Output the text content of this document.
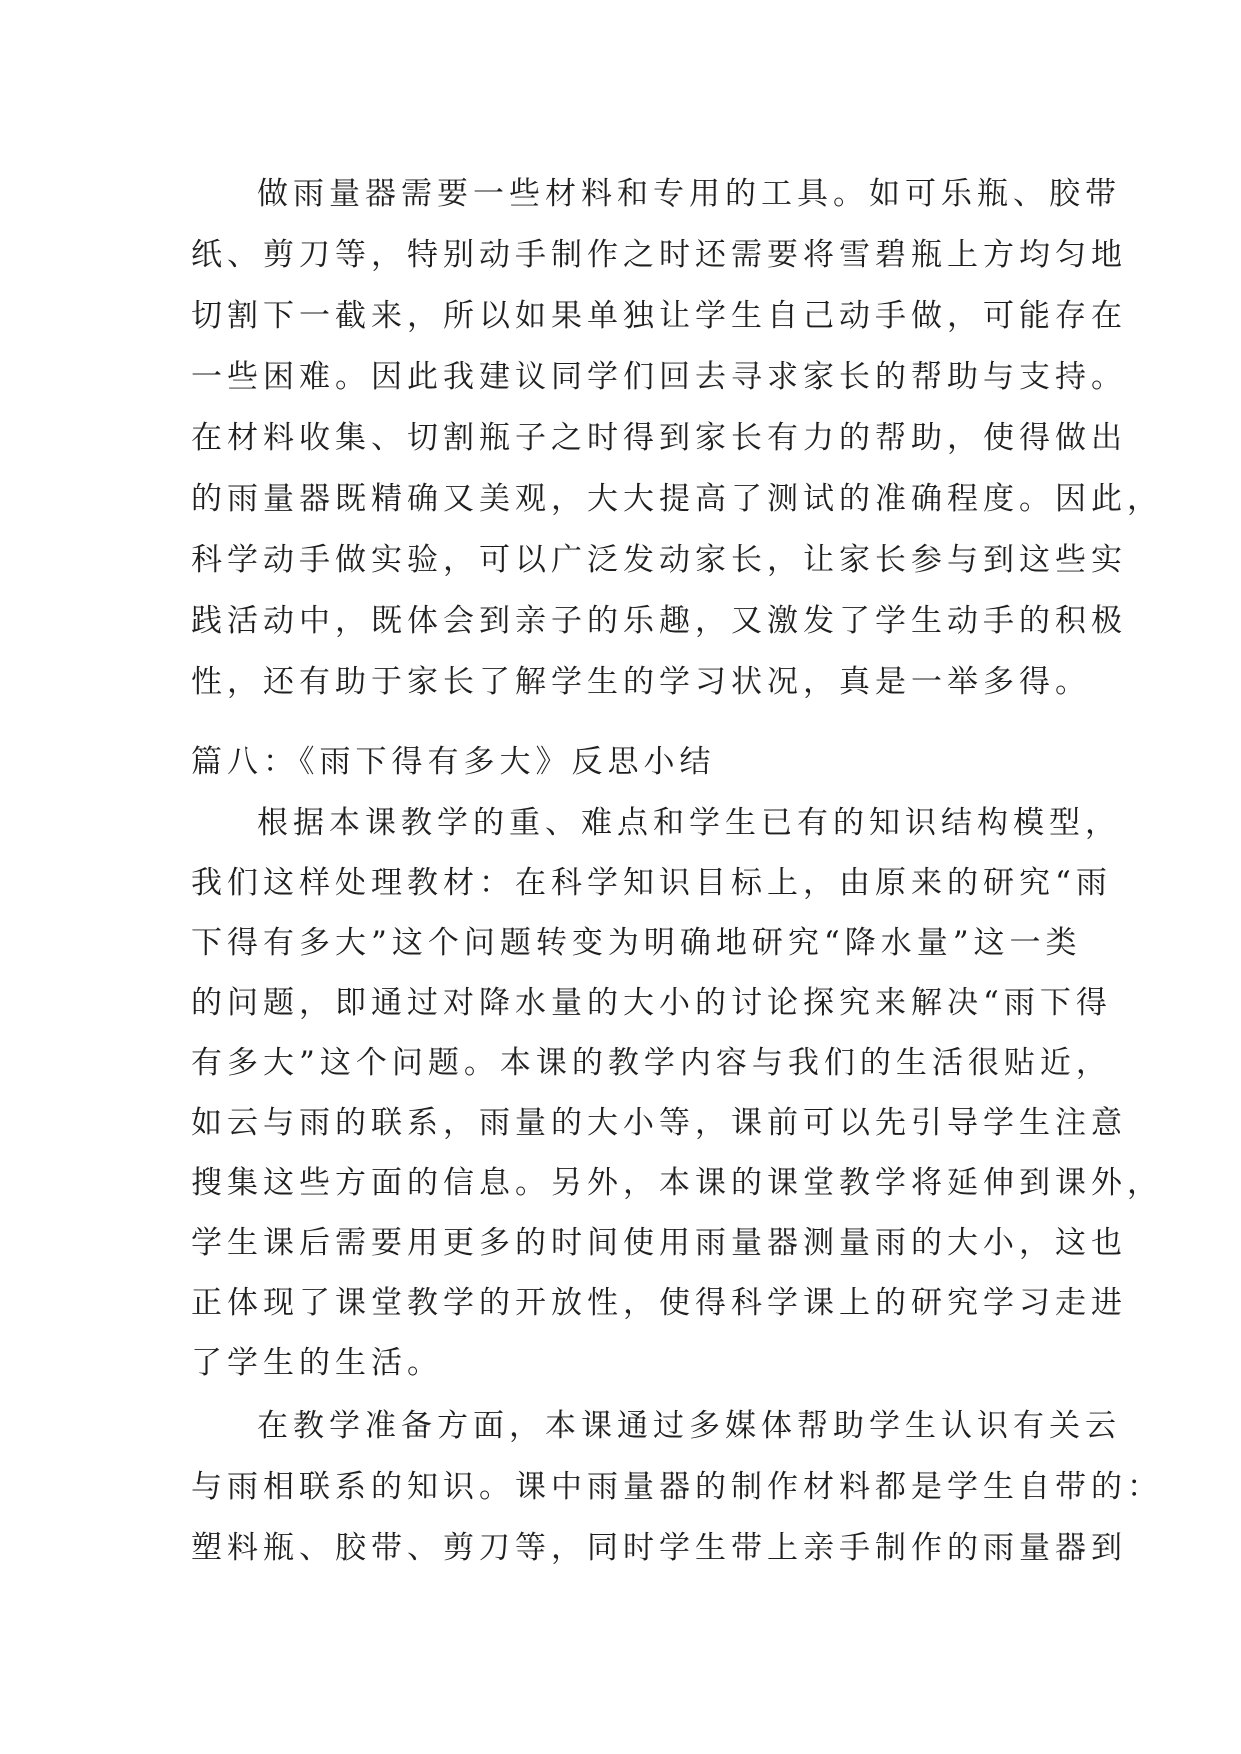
做雨量器需要一些材料和专用的工具。如可乐瓶、胶带
纸、剪刀等，特别动手制作之时还需要将雪碧瓶上方均匀地
切割下一截来，所以如果单独让学生自己动手做，可能存在
一些困难。因此我建议同学们回去寻求家长的帮助与支持。
在材料收集、切割瓶子之时得到家长有力的帮助，使得做出
的雨量器既精确又美观，大大提高了测试的准确程度。因此，
科学动手做实验，可以广泛发动家长，让家长参与到这些实
践活动中，既体会到亲子的乐趣，又激发了学生动手的积极
性，还有助于家长了解学生的学习状况，真是一举多得。
篇八：《雨下得有多大》反思小结
根据本课教学的重、难点和学生已有的知识结构模型，
我们这样处理教材：在科学知识目标上，由原来的研究“雨
下得有多大”这个问题转变为明确地研究“降水量”这一类
的问题，即通过对降水量的大小的讨论探究来解决“雨下得
有多大”这个问题。本课的教学内容与我们的生活很贴近，
如云与雨的联系，雨量的大小等，课前可以先引导学生注意
搜集这些方面的信息。另外，本课的课堂教学将延伸到课外，
学生课后需要用更多的时间使用雨量器测量雨的大小，这也
正体现了课堂教学的开放性，使得科学课上的研究学习走进
了学生的生活。
在教学准备方面，本课通过多媒体帮助学生认识有关云
与雨相联系的知识。课中雨量器的制作材料都是学生自带的：
塑料瓶、胶带、剪刀等，同时学生带上亲手制作的雨量器到
